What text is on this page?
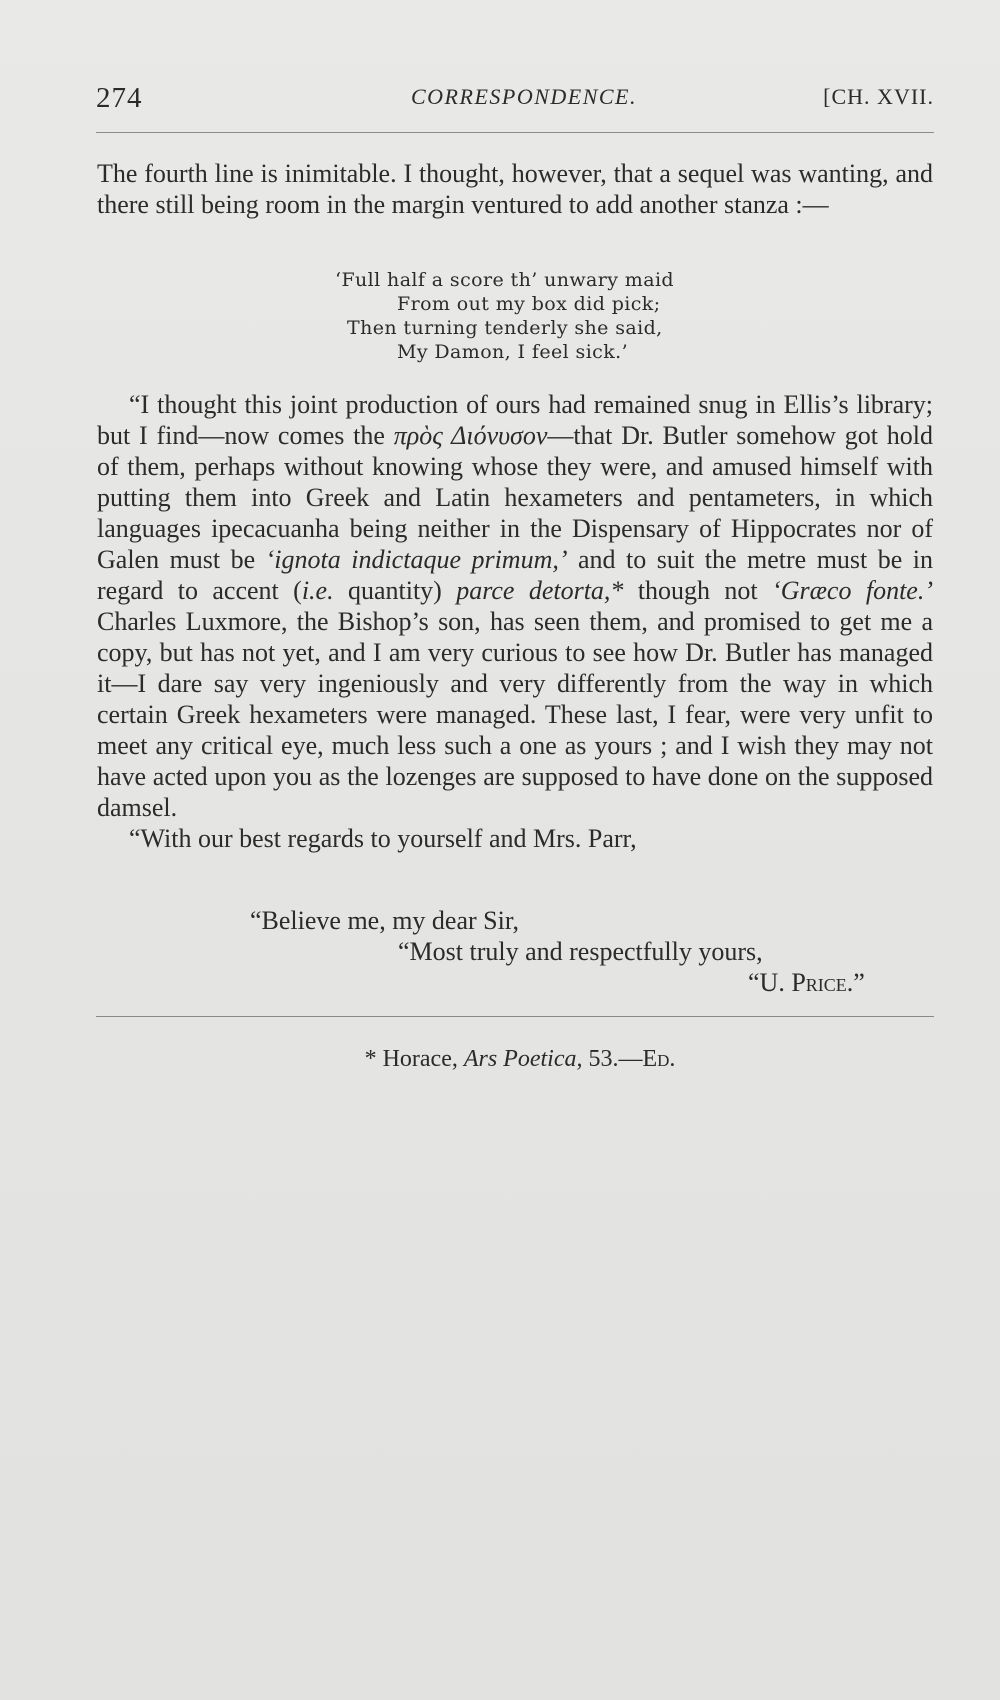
274	CORRESPONDENCE.	[CH. XVII.

The fourth line is inimitable. I thought, however, that a sequel was wanting, and there still being room in the margin ventured to add another stanza :—

‘Full half a score th’ unwary maid
From out my box did pick;
Then turning tenderly she said,
My Damon, I feel sick.’

“I thought this joint production of ours had remained snug in Ellis’s library; but I find—now comes the πρὸς Διόνυσον—that Dr. Butler somehow got hold of them, perhaps without knowing whose they were, and amused himself with putting them into Greek and Latin hexameters and pentameters, in which languages ipecacuanha being neither in the Dispensary of Hippocrates nor of Galen must be ‘ignota indictaque primum,’ and to suit the metre must be in regard to accent (i.e. quantity) parce detorta,* though not ‘Græco fonte.’ Charles Luxmore, the Bishop’s son, has seen them, and promised to get me a copy, but has not yet, and I am very curious to see how Dr. Butler has managed it—I dare say very ingeniously and very differently from the way in which certain Greek hexameters were managed. These last, I fear, were very unfit to meet any critical eye, much less such a one as yours ; and I wish they may not have acted upon you as the lozenges are supposed to have done on the supposed damsel.

“With our best regards to yourself and Mrs. Parr,

“Believe me, my dear Sir,
“Most truly and respectfully yours,
“U. Price.”
* Horace, Ars Poetica, 53.—Ed.
